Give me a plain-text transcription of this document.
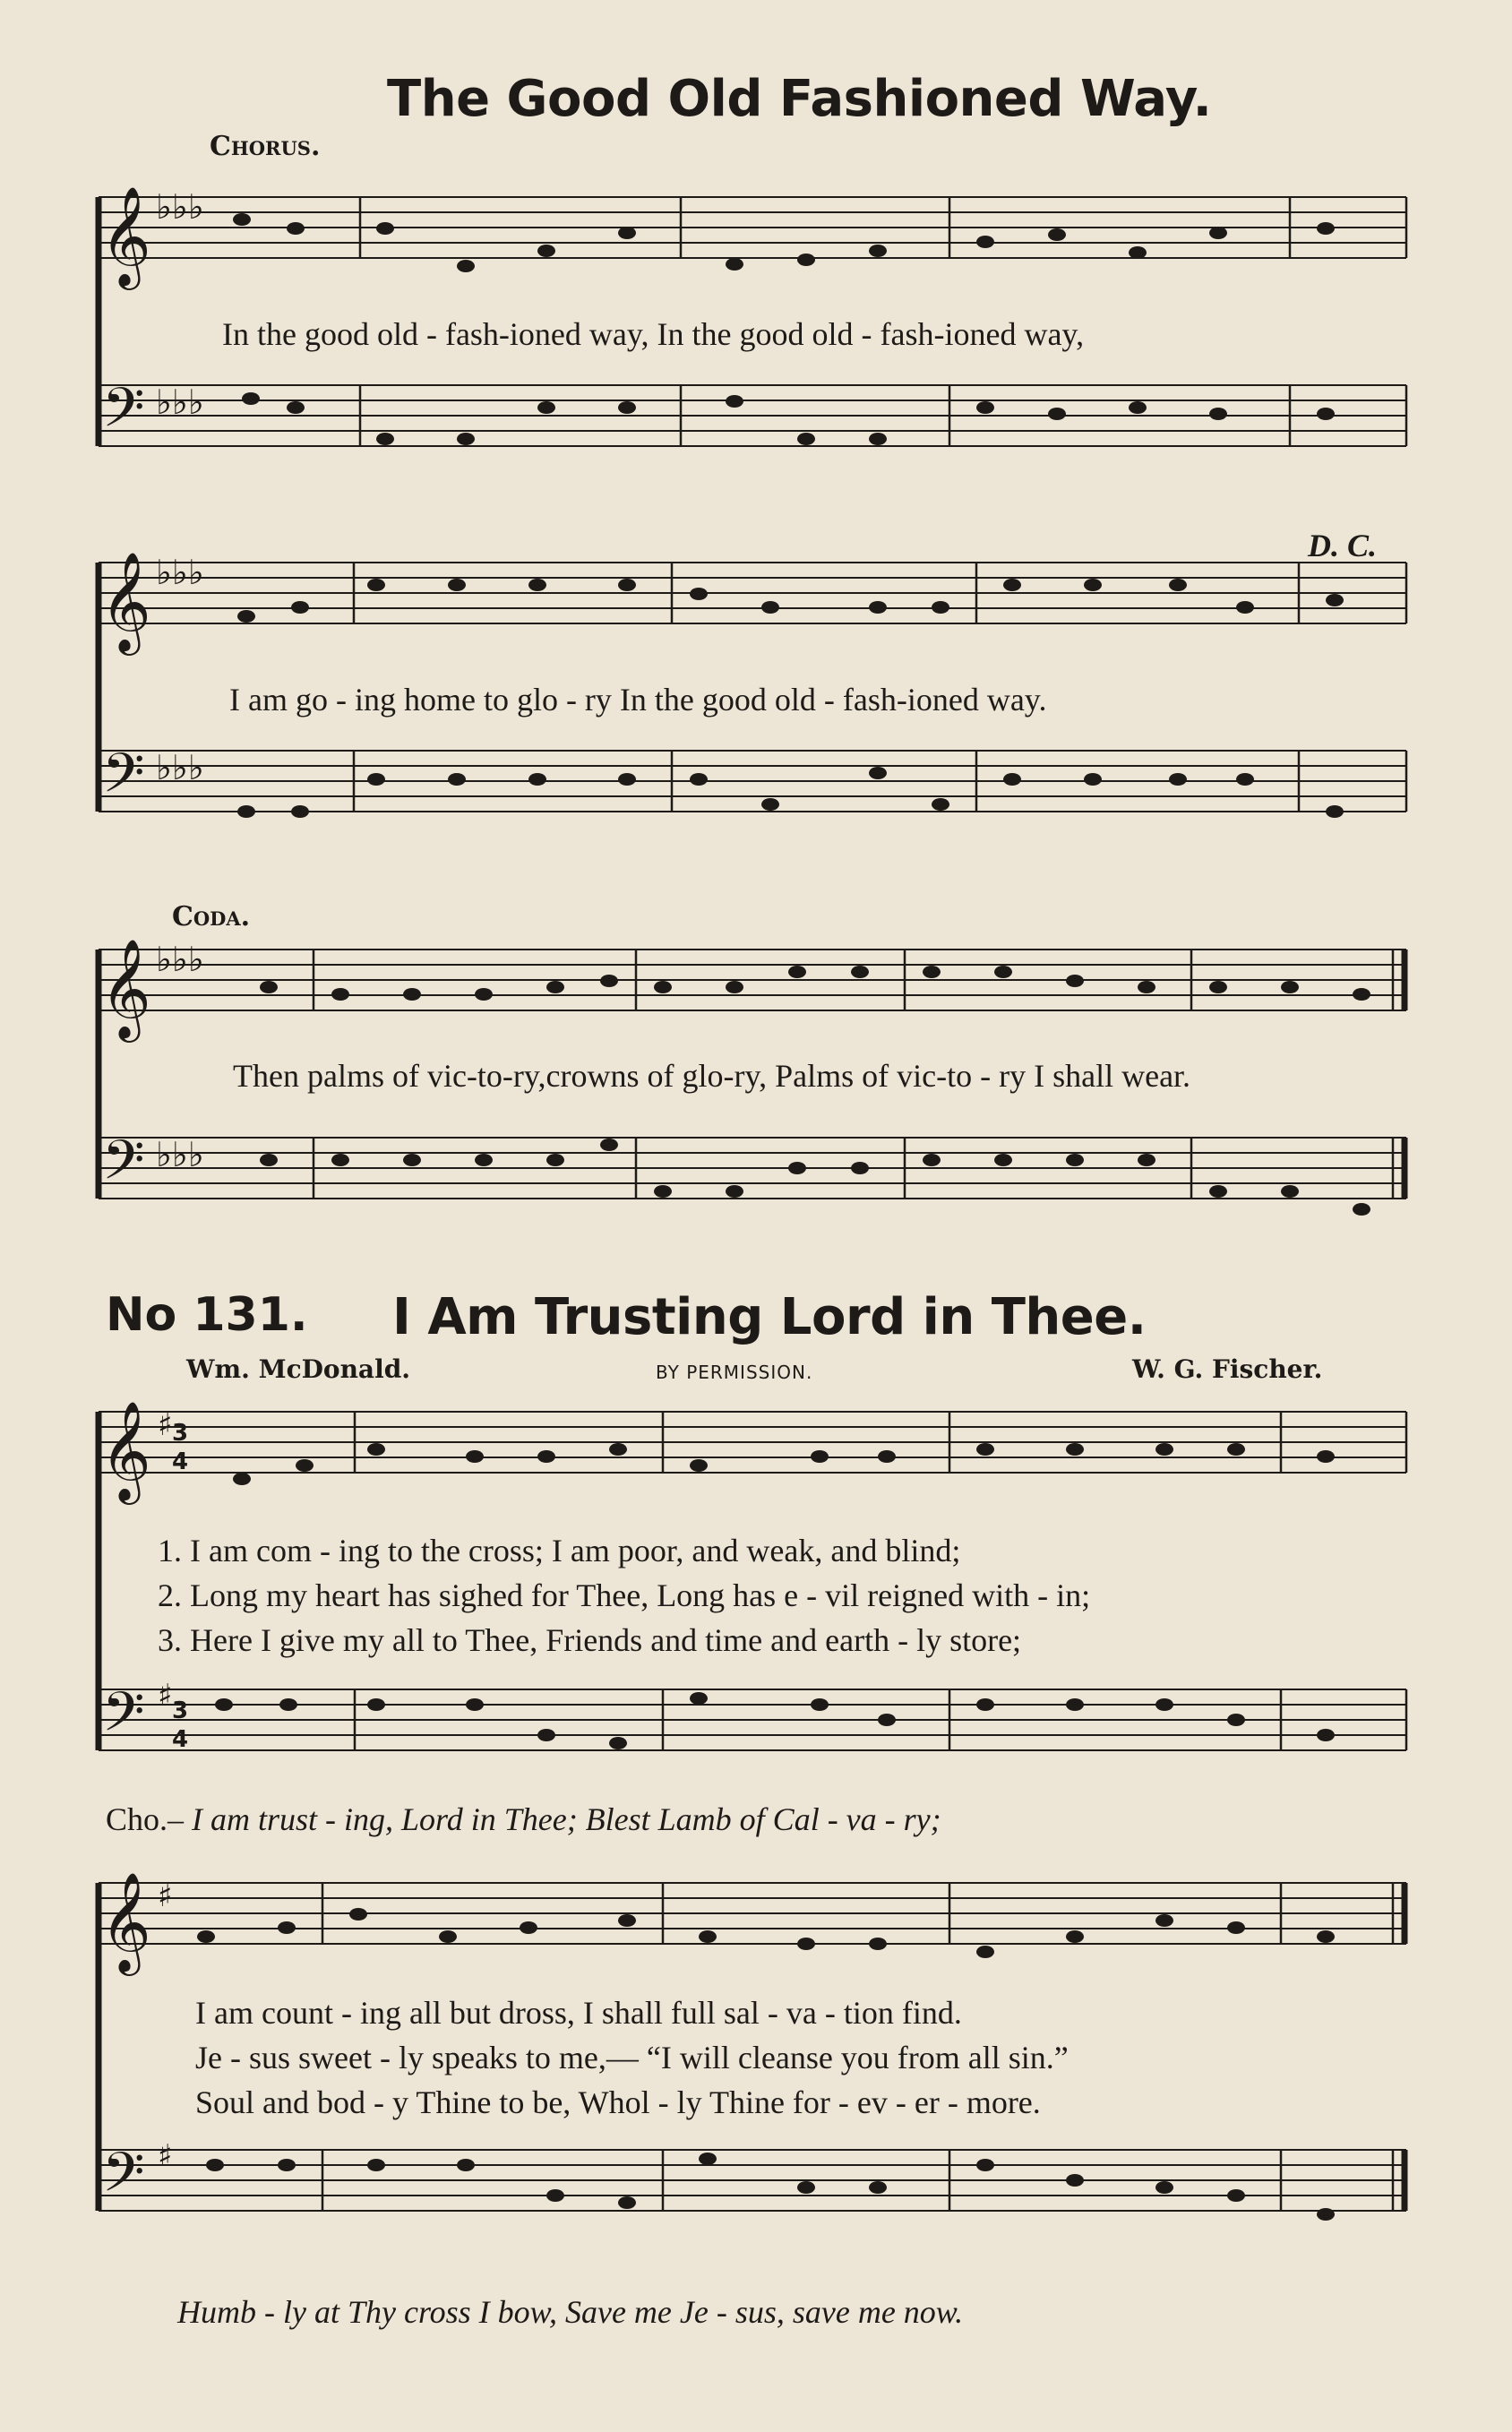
The Good Old Fashioned Way.
Chorus.
𝄞 ♭♭♭
𝄢 ♭♭♭
In the good old - fash-ioned way, In the good old - fash-ioned way,
D. C.
𝄞 ♭♭♭
𝄢 ♭♭♭
I am go - ing home to glo - ry In the good old - fash-ioned way.
Coda.
𝄞 ♭♭♭
𝄢 ♭♭♭
Then palms of vic-to-ry,crowns of glo-ry, Palms of vic-to - ry I shall wear.
No 131. I Am Trusting Lord in Thee.
Wm. McDonald.	BY PERMISSION.	W. G. Fischer.
𝄞 ♯ 3
4
𝄢 ♯ 3
4
1. I am com - ing to the cross; I am poor, and weak, and blind;
2. Long my heart has sighed for Thee, Long has e - vil reigned with - in;
3. Here I give my all to Thee, Friends and time and earth - ly store;
Cho.– I am trust - ing, Lord in Thee; Blest Lamb of Cal - va - ry;
𝄞 ♯
𝄢 ♯
I am count - ing all but dross, I shall full sal - va - tion find.
Je - sus sweet - ly speaks to me,— “I will cleanse you from all sin.”
Soul and bod - y Thine to be, Whol - ly Thine for - ev - er - more.
Humb - ly at Thy cross I bow, Save me Je - sus, save me now.
